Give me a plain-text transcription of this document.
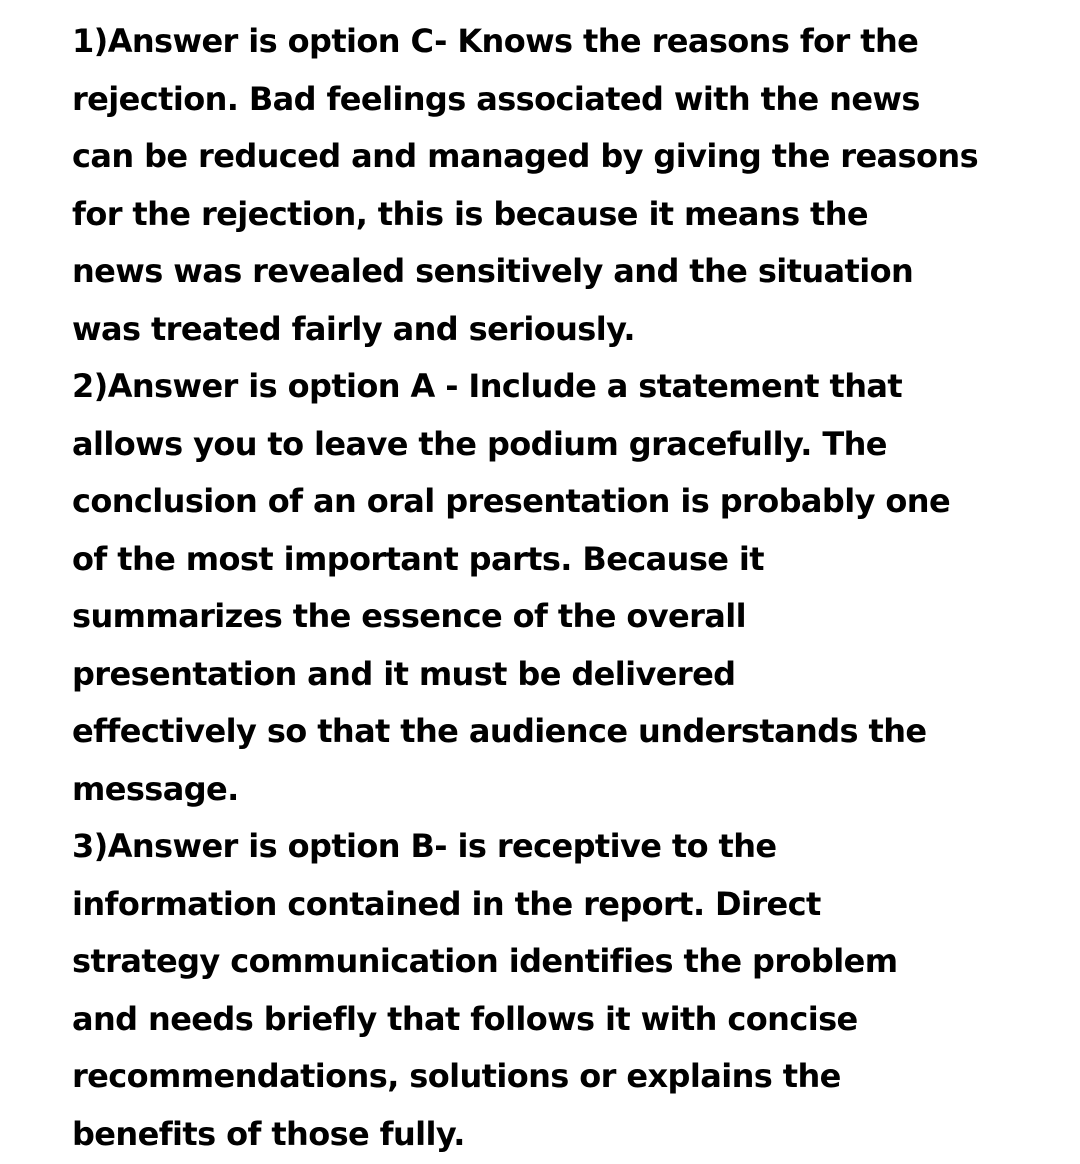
1)Answer is option C- Knows the reasons for the
rejection. Bad feelings associated with the news
can be reduced and managed by giving the reasons
for the rejection, this is because it means the
news was revealed sensitively and the situation
was treated fairly and seriously.
2)Answer is option A - Include a statement that
allows you to leave the podium gracefully. The
conclusion of an oral presentation is probably one
of the most important parts. Because it
summarizes the essence of the overall
presentation and it must be delivered
effectively so that the audience understands the
message.
3)Answer is option B- is receptive to the
information contained in the report. Direct
strategy communication identifies the problem
and needs briefly that follows it with concise
recommendations, solutions or explains the
benefits of those fully.
